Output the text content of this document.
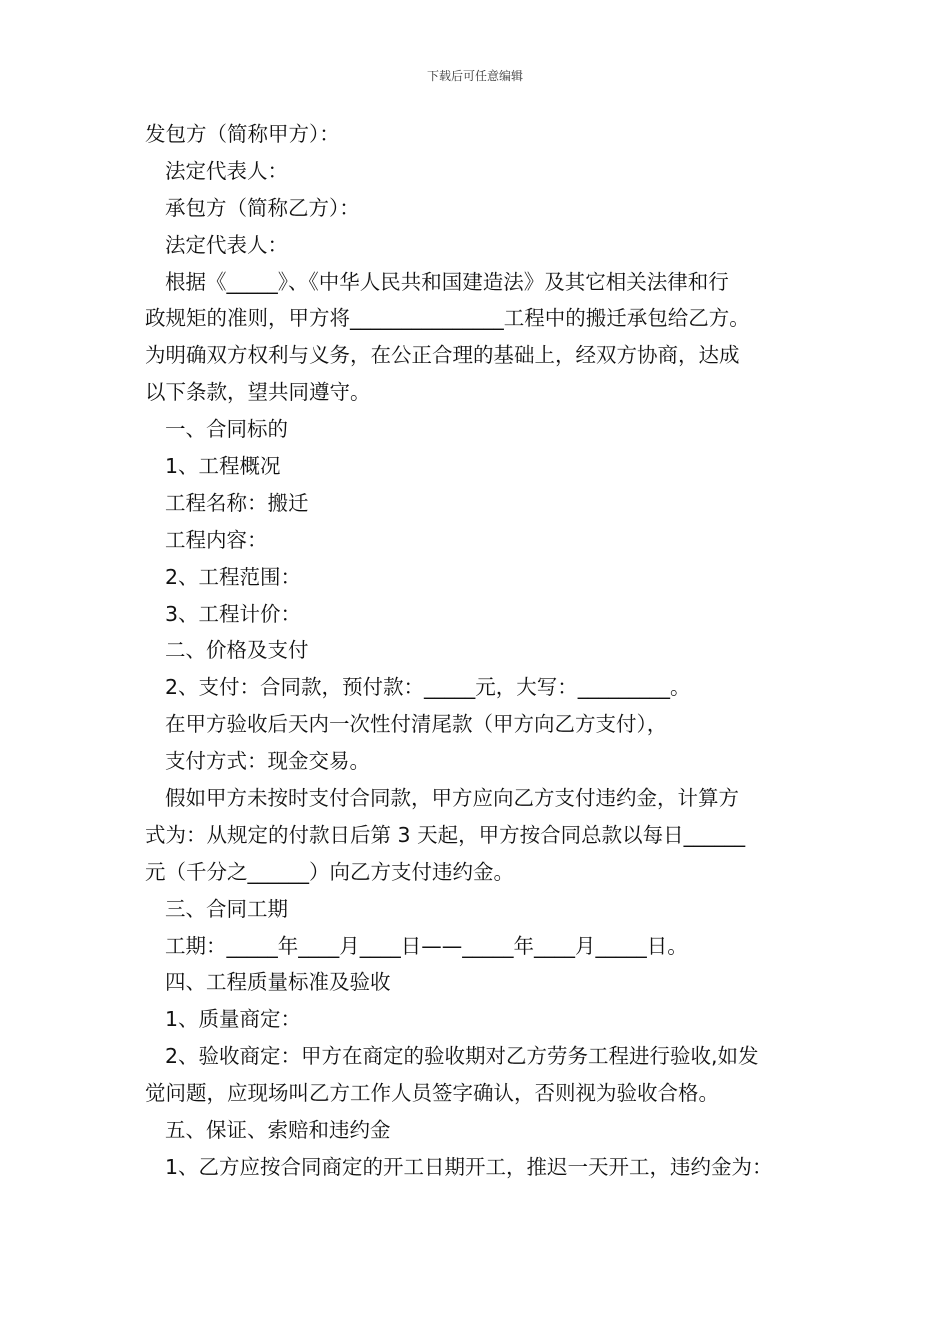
下载后可任意编辑
发包方（简称甲方）：
法定代表人：
承包方（简称乙方）：
法定代表人：
根据《_____》、《中华人民共和国建造法》及其它相关法律和行
政规矩的准则，甲方将_______________工程中的搬迁承包给乙方。
为明确双方权利与义务，在公正合理的基础上，经双方协商，达成
以下条款，望共同遵守。
一、合同标的
1、工程概况
工程名称：搬迁
工程内容：
2、工程范围：
3、工程计价：
二、价格及支付
2、支付：合同款，预付款：_____元，大写：_________。
在甲方验收后天内一次性付清尾款（甲方向乙方支付），
支付方式：现金交易。
假如甲方未按时支付合同款，甲方应向乙方支付违约金，计算方
式为：从规定的付款日后第 3 天起，甲方按合同总款以每日______
元（千分之______）向乙方支付违约金。
三、合同工期
工期：_____年____月____日——_____年____月_____日。
四、工程质量标准及验收
1、质量商定：
2、验收商定：甲方在商定的验收期对乙方劳务工程进行验收,如发
觉问题，应现场叫乙方工作人员签字确认，否则视为验收合格。
五、保证、索赔和违约金
1、乙方应按合同商定的开工日期开工，推迟一天开工，违约金为：
